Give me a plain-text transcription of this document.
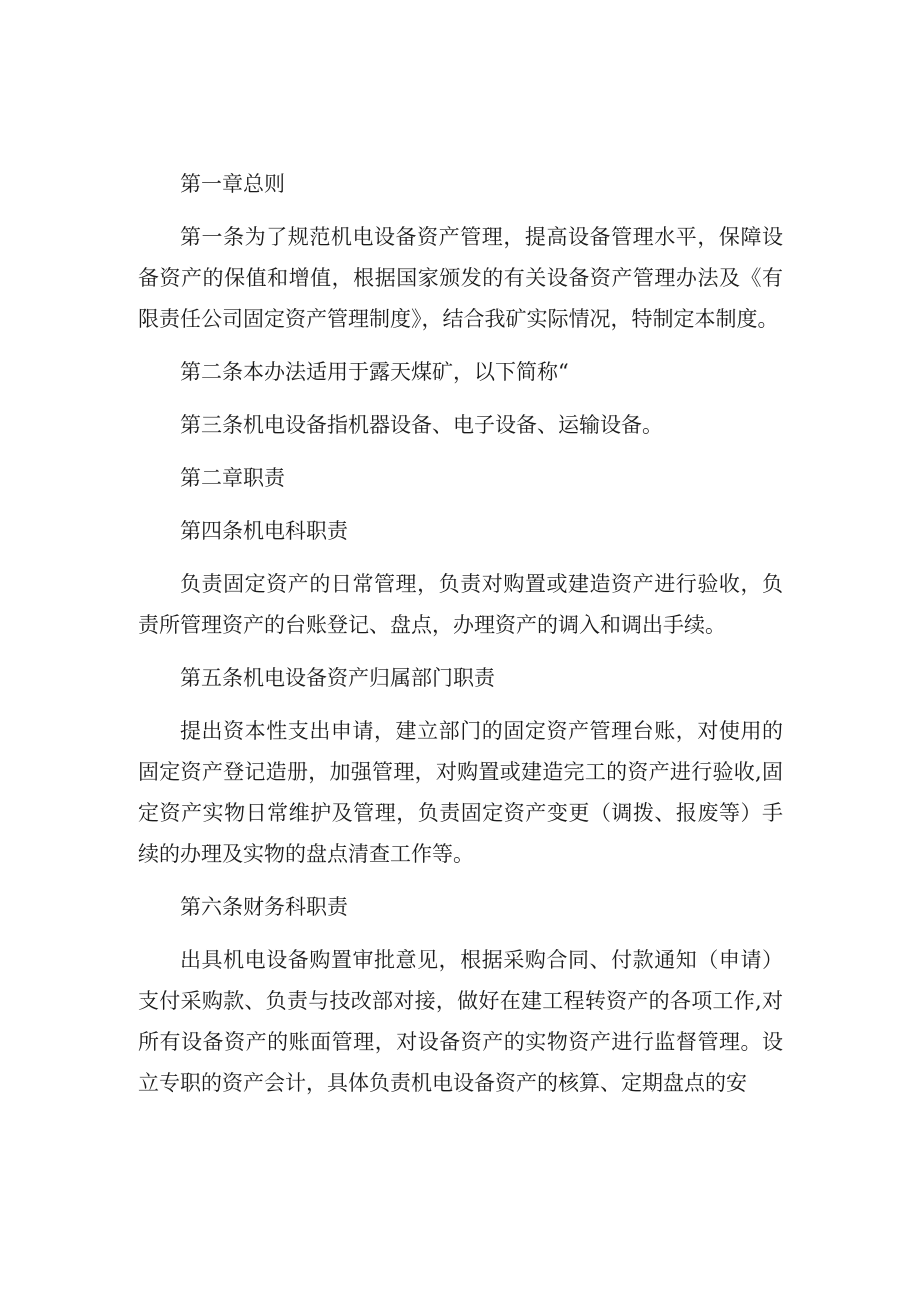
第一章总则

第一条为了规范机电设备资产管理，提高设备管理水平，保障设备资产的保值和增值，根据国家颁发的有关设备资产管理办法及《有限责任公司固定资产管理制度》，结合我矿实际情况，特制定本制度。

第二条本办法适用于露天煤矿，以下简称“

第三条机电设备指机器设备、电子设备、运输设备。

第二章职责

第四条机电科职责

负责固定资产的日常管理，负责对购置或建造资产进行验收，负责所管理资产的台账登记、盘点，办理资产的调入和调出手续。

第五条机电设备资产归属部门职责

提出资本性支出申请，建立部门的固定资产管理台账，对使用的固定资产登记造册，加强管理，对购置或建造完工的资产进行验收,固定资产实物日常维护及管理，负责固定资产变更（调拨、报废等）手续的办理及实物的盘点清查工作等。

第六条财务科职责

出具机电设备购置审批意见，根据采购合同、付款通知（申请）支付采购款、负责与技改部对接，做好在建工程转资产的各项工作,对所有设备资产的账面管理，对设备资产的实物资产进行监督管理。设立专职的资产会计，具体负责机电设备资产的核算、定期盘点的安
